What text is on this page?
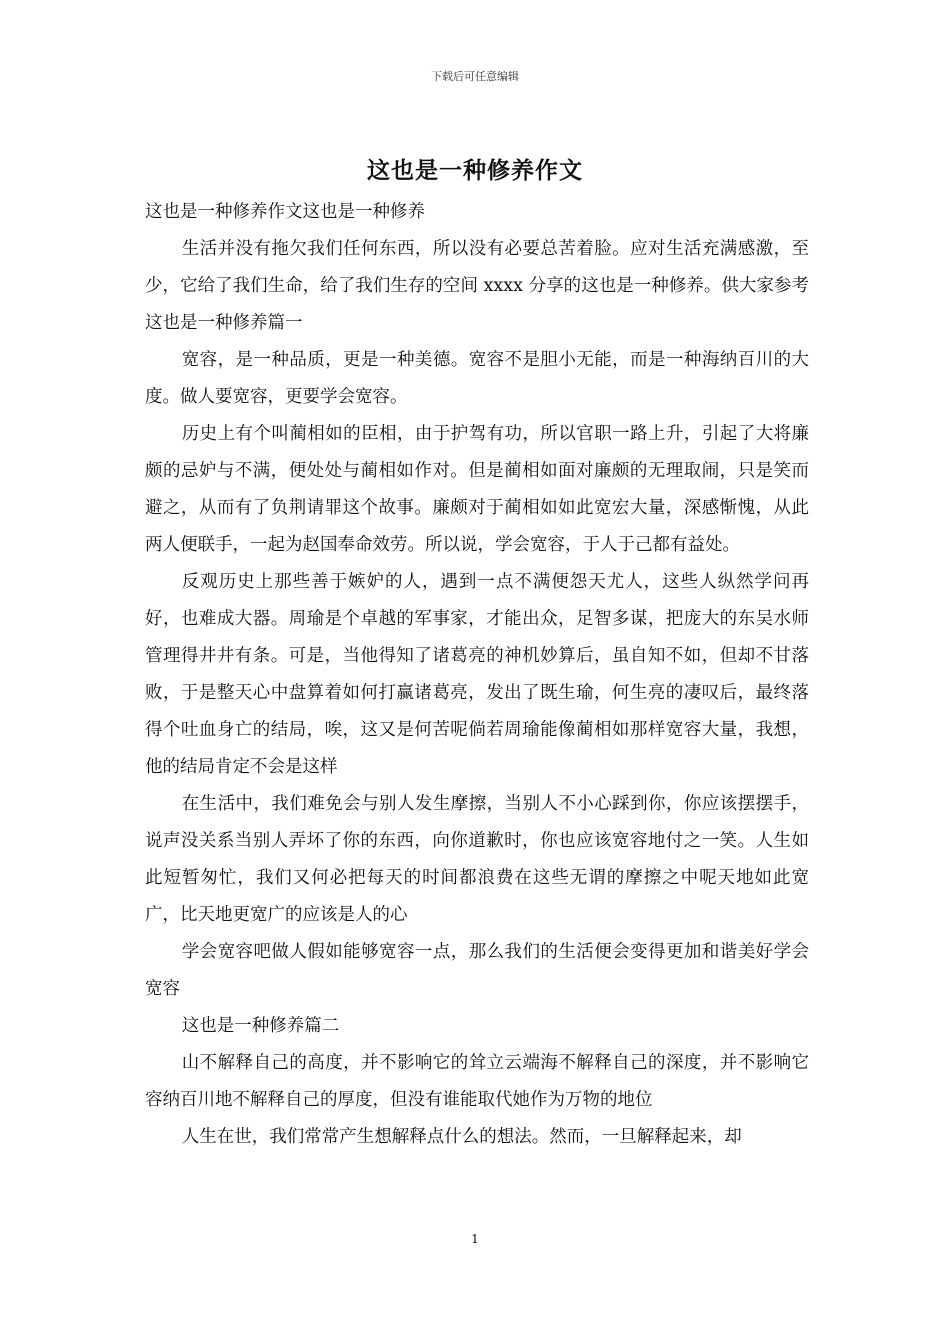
下载后可任意编辑

这也是一种修养作文

这也是一种修养作文这也是一种修养

生活并没有拖欠我们任何东西，所以没有必要总苦着脸。应对生活充满感激，至少，它给了我们生命，给了我们生存的空间 xxxx 分享的这也是一种修养。供大家参考这也是一种修养篇一

宽容，是一种品质，更是一种美德。宽容不是胆小无能，而是一种海纳百川的大度。做人要宽容，更要学会宽容。

历史上有个叫蔺相如的臣相，由于护驾有功，所以官职一路上升，引起了大将廉颇的忌妒与不满，便处处与蔺相如作对。但是蔺相如面对廉颇的无理取闹，只是笑而避之，从而有了负荆请罪这个故事。廉颇对于蔺相如如此宽宏大量，深感惭愧，从此两人便联手，一起为赵国奉命效劳。所以说，学会宽容，于人于己都有益处。

反观历史上那些善于嫉妒的人，遇到一点不满便怨天尤人，这些人纵然学问再好，也难成大器。周瑜是个卓越的军事家，才能出众，足智多谋，把庞大的东吴水师管理得井井有条。可是，当他得知了诸葛亮的神机妙算后，虽自知不如，但却不甘落败，于是整天心中盘算着如何打赢诸葛亮，发出了既生瑜，何生亮的凄叹后，最终落得个吐血身亡的结局，唉，这又是何苦呢倘若周瑜能像蔺相如那样宽容大量，我想，他的结局肯定不会是这样

在生活中，我们难免会与别人发生摩擦，当别人不小心踩到你，你应该摆摆手，说声没关系当别人弄坏了你的东西，向你道歉时，你也应该宽容地付之一笑。人生如此短暂匆忙，我们又何必把每天的时间都浪费在这些无谓的摩擦之中呢天地如此宽广，比天地更宽广的应该是人的心

学会宽容吧做人假如能够宽容一点，那么我们的生活便会变得更加和谐美好学会宽容

这也是一种修养篇二

山不解释自己的高度，并不影响它的耸立云端海不解释自己的深度，并不影响它容纳百川地不解释自己的厚度，但没有谁能取代她作为万物的地位

人生在世，我们常常产生想解释点什么的想法。然而，一旦解释起来，却

1
